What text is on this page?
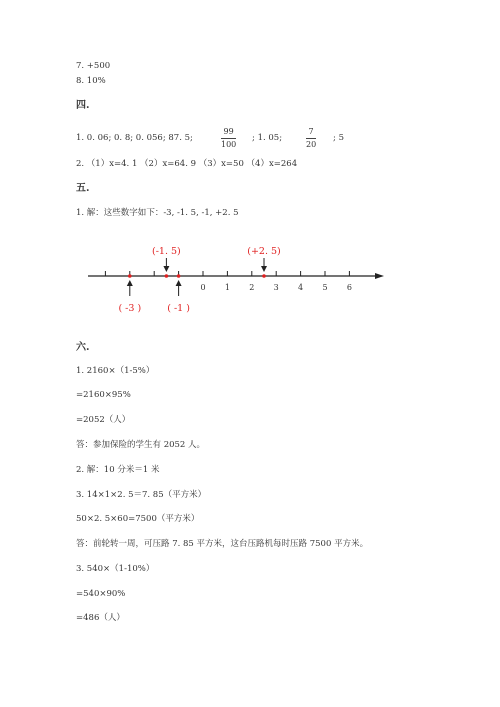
7. +500
8. 10%
四.
1. 0. 06; 0. 8; 0. 056; 87. 5;	$\frac{99}{100}$ ; 1. 05;	$\frac{7}{20}$ ; 5
2. （1）x=4. 1 （2）x=64. 9 （3）x=50 （4）x=264
五.
1. 解：这些数字如下：-3, -1. 5, -1, +2. 5
0 1 2 3 4 5 6
( -3 )
(-1. 5)
( -1 )
(+2. 5)
六.
1. 2160×（1-5%）
=2160×95%
=2052（人）
答：参加保险的学生有 2052 人。
2. 解：10 分米＝1 米
3. 14×1×2. 5＝7. 85（平方米）
50×2. 5×60=7500（平方米）
答：前轮转一周，可压路 7. 85 平方米，这台压路机每时压路 7500 平方米。
3. 540×（1-10%）
=540×90%
=486（人）
